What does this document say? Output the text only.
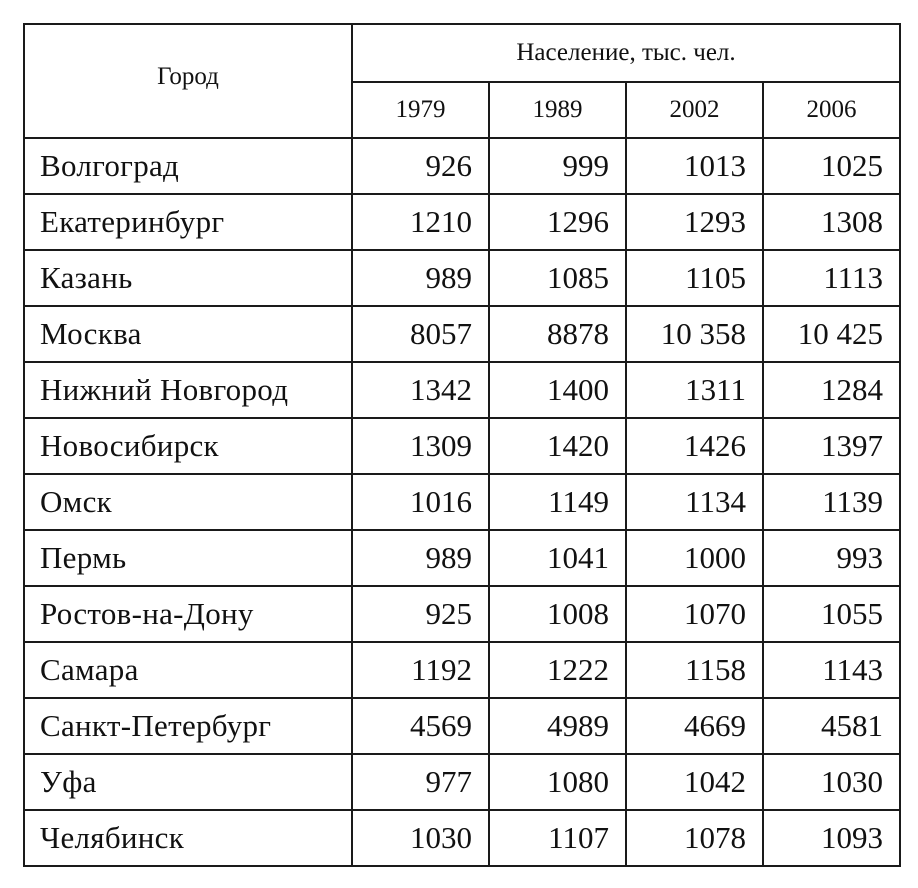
Город	Население, тыс. чел.			
	1979	1989	2002	2006
Волгоград	926	999	1013	1025
Екатеринбург	1210	1296	1293	1308
Казань	989	1085	1105	1113
Москва	8057	8878	10 358	10 425
Нижний Новгород	1342	1400	1311	1284
Новосибирск	1309	1420	1426	1397
Омск	1016	1149	1134	1139
Пермь	989	1041	1000	993
Ростов-на-Дону	925	1008	1070	1055
Самара	1192	1222	1158	1143
Санкт-Петербург	4569	4989	4669	4581
Уфа	977	1080	1042	1030
Челябинск	1030	1107	1078	1093
